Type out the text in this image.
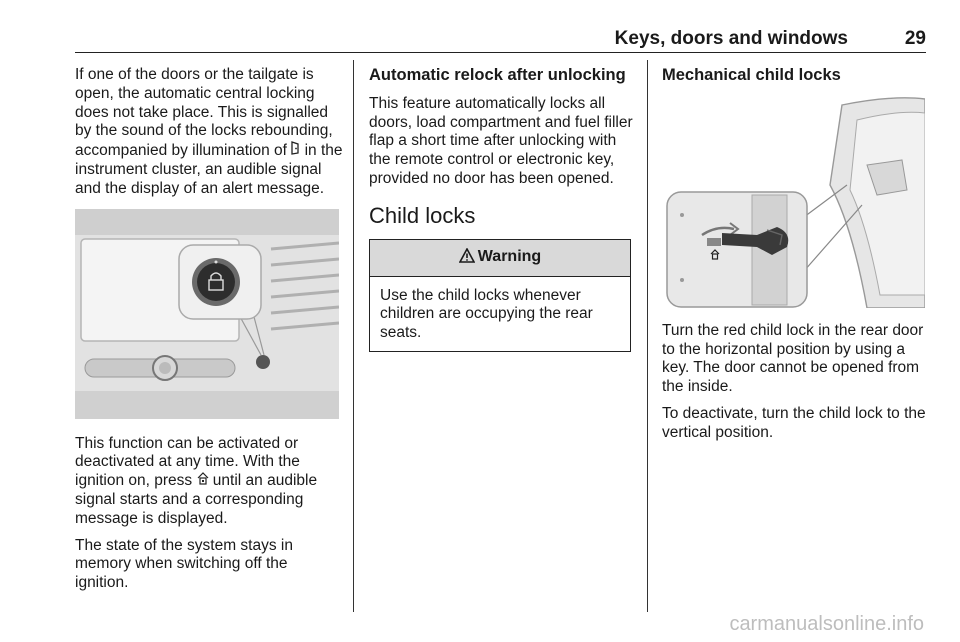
Keys, doors and windows	29

If one of the doors or the tailgate is open, the automatic central locking does not take place. This is signalled by the sound of the locks rebounding, accompanied by illumination of  in the instrument cluster, an audible signal and the display of an alert message.

This function can be activated or deactivated at any time. With the ignition on, press  until an audible signal starts and a corresponding message is displayed.

The state of the system stays in memory when switching off the ignition.

Automatic relock after unlocking

This feature automatically locks all doors, load compartment and fuel filler flap a short time after unlocking with the remote control or electronic key, provided no door has been opened.

Child locks
Warning
Use the child locks whenever children are occupying the rear seats.
Mechanical child locks

Turn the red child lock in the rear door to the horizontal position by using a key. The door cannot be opened from the inside.

To deactivate, turn the child lock to the vertical position.

carmanualsonline.info
